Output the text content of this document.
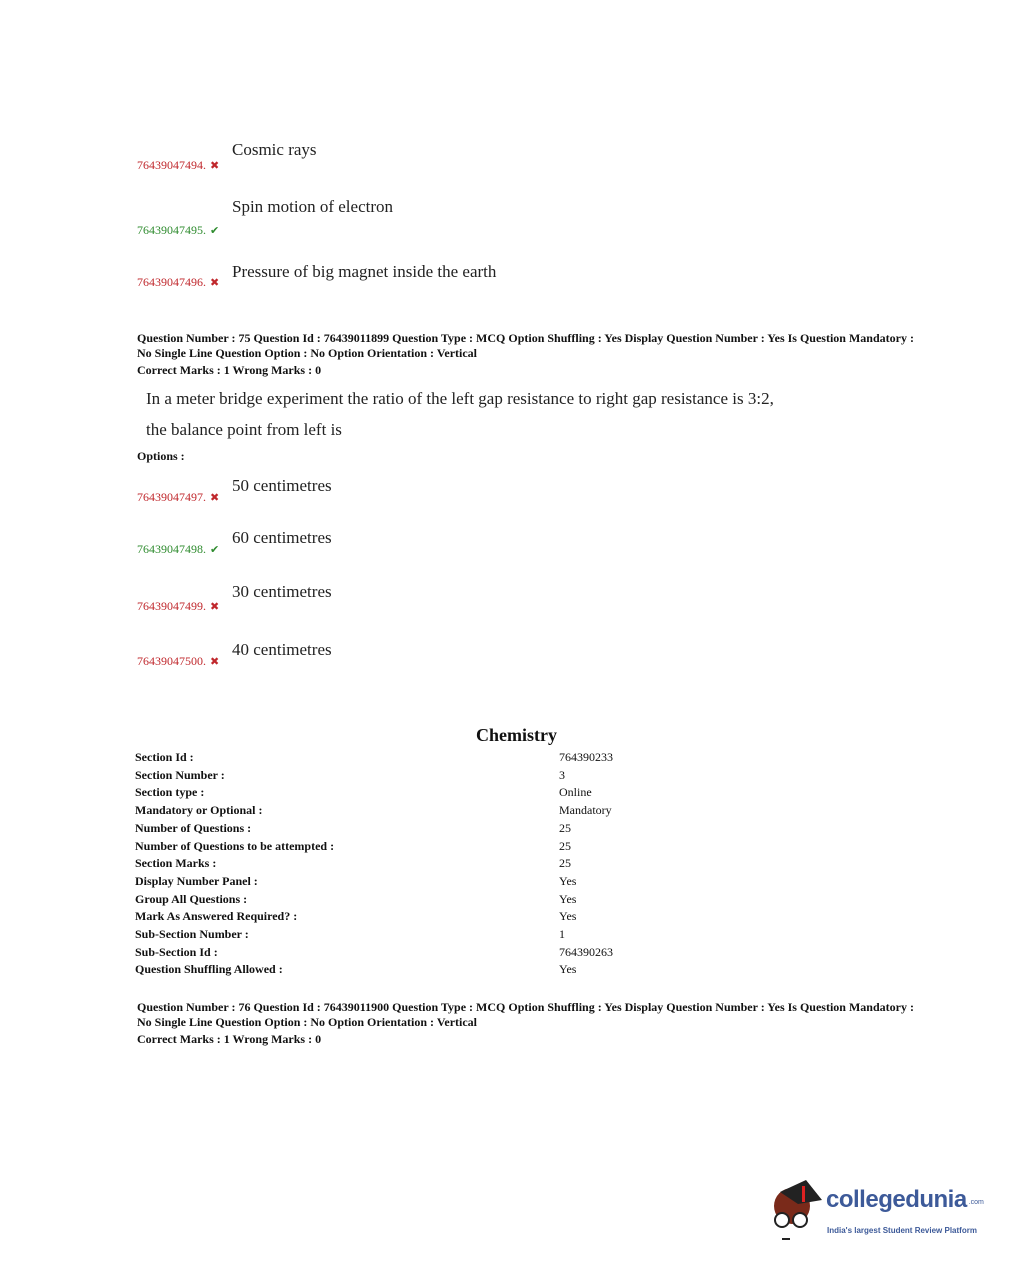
76439047494. ✖
Cosmic rays
76439047495. ✔
Spin motion of electron
76439047496. ✖
Pressure of big magnet inside the earth

Question Number : 75 Question Id : 76439011899 Question Type : MCQ Option Shuffling : Yes Display Question Number : Yes Is Question Mandatory : No Single Line Question Option : No Option Orientation : Vertical

Correct Marks : 1 Wrong Marks : 0

In a meter bridge experiment the ratio of the left gap resistance to right gap resistance is 3:2,
the balance point from left is
Options :
76439047497. ✖
50 centimetres
76439047498. ✔
60 centimetres
76439047499. ✖
30 centimetres
76439047500. ✖
40 centimetres
Chemistry
Section Id :	764390233
Section Number :	3
Section type :	Online
Mandatory or Optional :	Mandatory
Number of Questions :	25
Number of Questions to be attempted :	25
Section Marks :	25
Display Number Panel :	Yes
Group All Questions :	Yes
Mark As Answered Required? :	Yes
Sub-Section Number :	1
Sub-Section Id :	764390263
Question Shuffling Allowed :	Yes

Question Number : 76 Question Id : 76439011900 Question Type : MCQ Option Shuffling : Yes Display Question Number : Yes Is Question Mandatory : No Single Line Question Option : No Option Orientation : Vertical

Correct Marks : 1 Wrong Marks : 0

collegedunia .com
India's largest Student Review Platform
